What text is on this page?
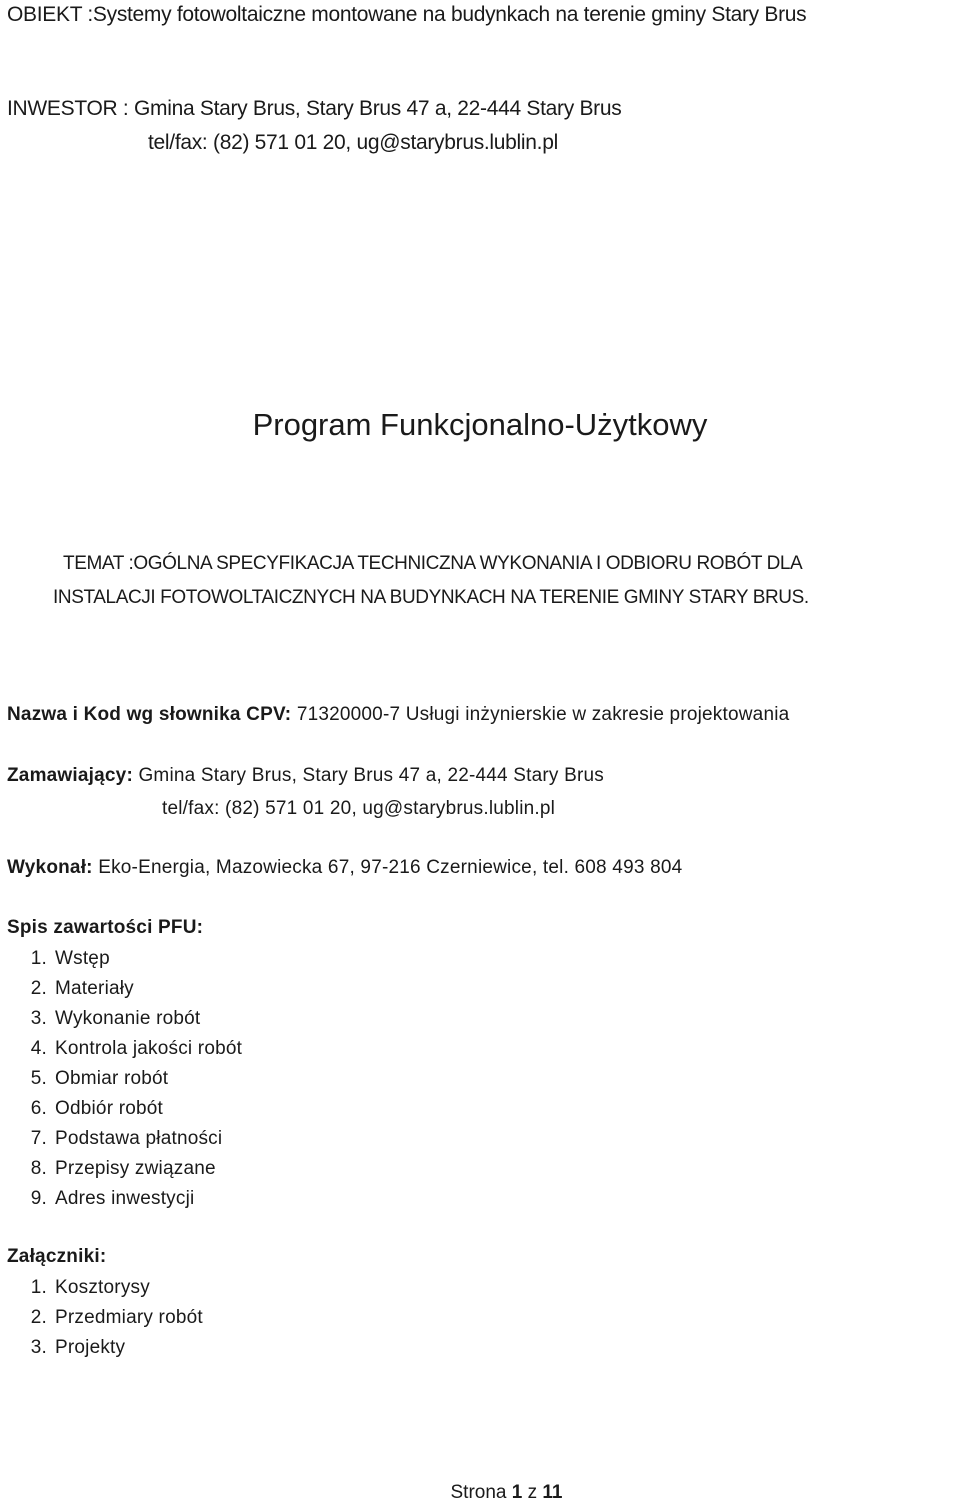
OBIEKT :Systemy fotowoltaiczne montowane na budynkach na terenie gminy Stary Brus
INWESTOR : Gmina Stary Brus, Stary Brus 47 a, 22-444 Stary Brus
tel/fax: (82) 571 01 20, ug@starybrus.lublin.pl
Program Funkcjonalno-Użytkowy
TEMAT :OGÓLNA SPECYFIKACJA TECHNICZNA WYKONANIA I ODBIORU ROBÓT DLA
INSTALACJI FOTOWOLTAICZNYCH NA BUDYNKACH NA TERENIE GMINY STARY BRUS.
Nazwa i Kod wg słownika CPV: 71320000-7 Usługi inżynierskie w zakresie projektowania
Zamawiający: Gmina Stary Brus, Stary Brus 47 a, 22-444 Stary Brus
tel/fax: (82) 571 01 20, ug@starybrus.lublin.pl
Wykonał: Eko-Energia, Mazowiecka 67, 97-216 Czerniewice, tel. 608 493 804
Spis zawartości PFU:
1. Wstęp
2. Materiały
3. Wykonanie robót
4. Kontrola jakości robót
5. Obmiar robót
6. Odbiór robót
7. Podstawa płatności
8. Przepisy związane
9. Adres inwestycji
Załączniki:
1. Kosztorysy
2. Przedmiary robót
3. Projekty
Strona 1 z 11
